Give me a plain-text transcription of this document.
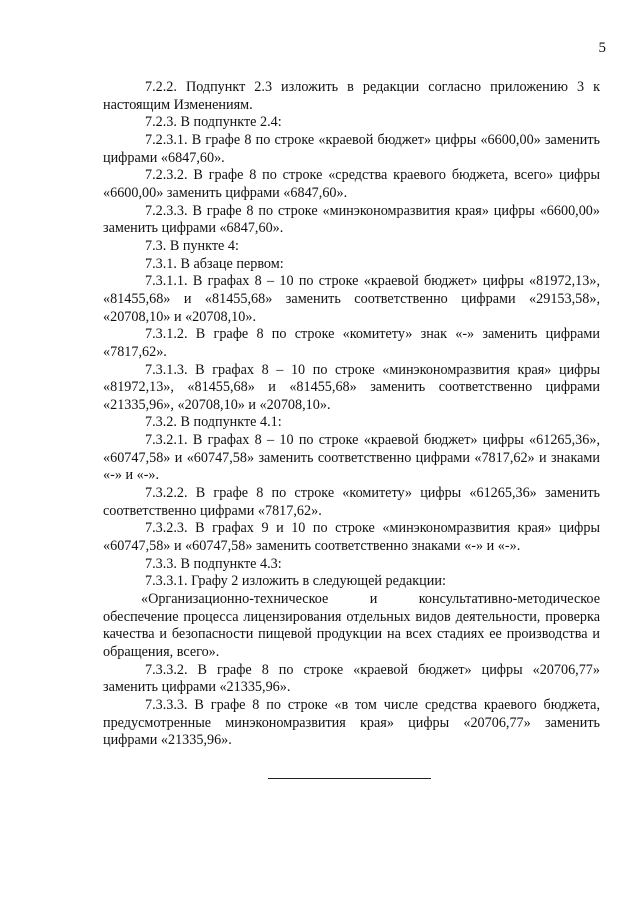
5

7.2.2. Подпункт 2.3 изложить в редакции согласно приложению 3 к настоящим Изменениям.

7.2.3. В подпункте 2.4:

7.2.3.1. В графе 8 по строке «краевой бюджет» цифры «6600,00» заменить цифрами «6847,60».

7.2.3.2. В графе 8 по строке «средства краевого бюджета, всего» цифры «6600,00» заменить цифрами «6847,60».

7.2.3.3. В графе 8 по строке «минэкономразвития края» цифры «6600,00» заменить цифрами «6847,60».

7.3. В пункте 4:

7.3.1. В абзаце первом:

7.3.1.1. В графах 8 – 10 по строке «краевой бюджет» цифры «81972,13», «81455,68» и «81455,68» заменить соответственно цифрами «29153,58», «20708,10» и «20708,10».

7.3.1.2. В графе 8 по строке «комитету» знак «-» заменить цифрами «7817,62».

7.3.1.3. В графах 8 – 10 по строке «минэкономразвития края» цифры «81972,13», «81455,68» и «81455,68» заменить соответственно цифрами «21335,96», «20708,10» и «20708,10».

7.3.2. В подпункте 4.1:

7.3.2.1. В графах 8 – 10 по строке «краевой бюджет» цифры «61265,36», «60747,58» и «60747,58» заменить соответственно цифрами «7817,62» и знаками «-» и «-».

7.3.2.2. В графе 8 по строке «комитету» цифры «61265,36» заменить соответственно цифрами «7817,62».

7.3.2.3. В графах 9 и 10 по строке «минэкономразвития края» цифры «60747,58» и «60747,58» заменить соответственно знаками «-» и «-».

7.3.3. В подпункте 4.3:

7.3.3.1. Графу 2 изложить в следующей редакции:

«Организационно-техническое и консультативно-методическое обеспечение процесса лицензирования отдельных видов деятельности, проверка качества и безопасности пищевой продукции на всех стадиях ее производства и обращения, всего».

7.3.3.2. В графе 8 по строке «краевой бюджет» цифры «20706,77» заменить цифрами «21335,96».

7.3.3.3. В графе 8 по строке «в том числе средства краевого бюджета, предусмотренные минэкономразвития края» цифры «20706,77» заменить цифрами «21335,96».
